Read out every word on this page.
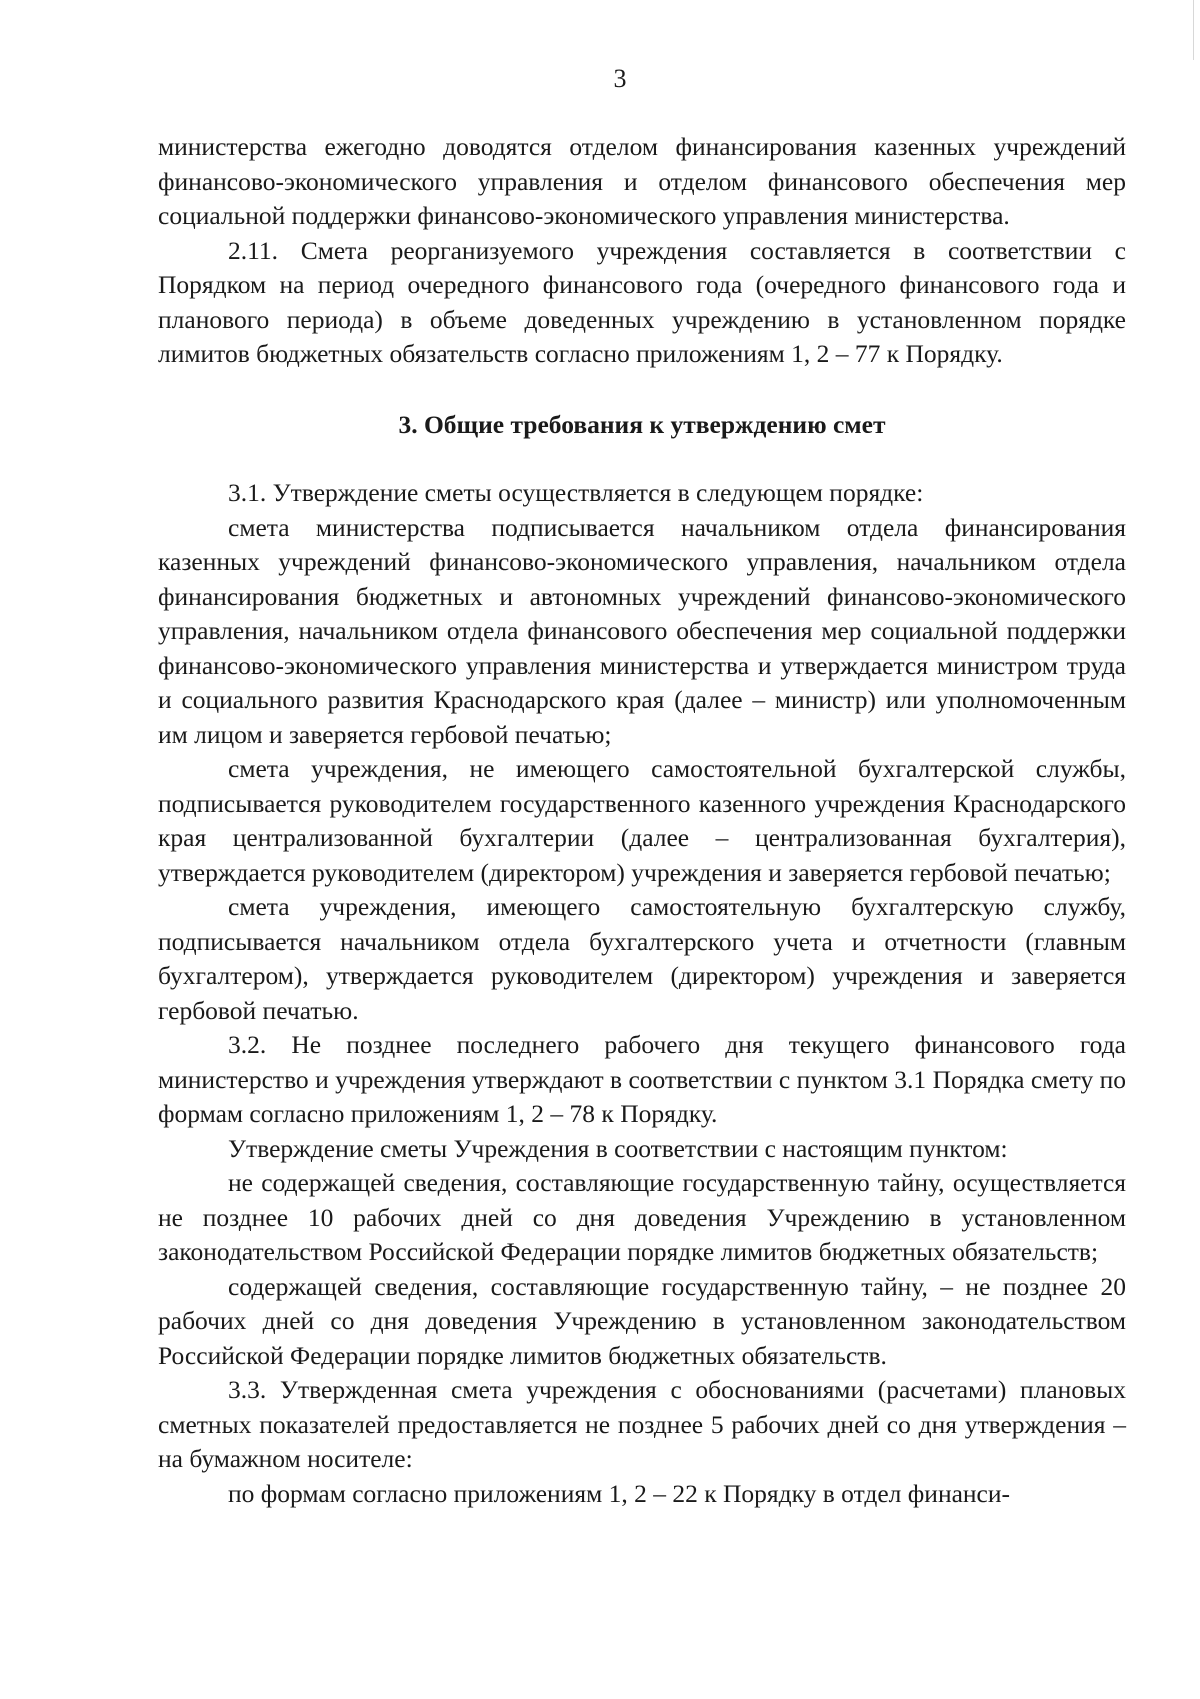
3

министерства ежегодно доводятся отделом финансирования казенных учреждений финансово-экономического управления и отделом финансового обеспечения мер социальной поддержки финансово-экономического управления министерства.

2.11. Смета реорганизуемого учреждения составляется в соответствии с Порядком на период очередного финансового года (очередного финансового года и планового периода) в объеме доведенных учреждению в установленном порядке лимитов бюджетных обязательств согласно приложениям 1, 2 – 77 к Порядку.

3. Общие требования к утверждению смет

3.1. Утверждение сметы осуществляется в следующем порядке:

смета министерства подписывается начальником отдела финансирования казенных учреждений финансово-экономического управления, начальником отдела финансирования бюджетных и автономных учреждений финансово-экономического управления, начальником отдела финансового обеспечения мер социальной поддержки финансово-экономического управления министерства и утверждается министром труда и социального развития Краснодарского края (далее – министр) или уполномоченным им лицом и заверяется гербовой печатью;

смета учреждения, не имеющего самостоятельной бухгалтерской службы, подписывается руководителем государственного казенного учреждения Краснодарского края централизованной бухгалтерии (далее – централизованная бухгалтерия), утверждается руководителем (директором) учреждения и заверяется гербовой печатью;

смета учреждения, имеющего самостоятельную бухгалтерскую службу, подписывается начальником отдела бухгалтерского учета и отчетности (главным бухгалтером), утверждается руководителем (директором) учреждения и заверяется гербовой печатью.

3.2. Не позднее последнего рабочего дня текущего финансового года министерство и учреждения утверждают в соответствии с пунктом 3.1 Порядка смету по формам согласно приложениям 1, 2 – 78 к Порядку.

Утверждение сметы Учреждения в соответствии с настоящим пунктом:

не содержащей сведения, составляющие государственную тайну, осуществляется не позднее 10 рабочих дней со дня доведения Учреждению в установленном законодательством Российской Федерации порядке лимитов бюджетных обязательств;

содержащей сведения, составляющие государственную тайну, – не позднее 20 рабочих дней со дня доведения Учреждению в установленном законодательством Российской Федерации порядке лимитов бюджетных обязательств.

3.3. Утвержденная смета учреждения с обоснованиями (расчетами) плановых сметных показателей предоставляется не позднее 5 рабочих дней со дня утверждения – на бумажном носителе:

по формам согласно приложениям 1, 2 – 22 к Порядку в отдел финанси-
